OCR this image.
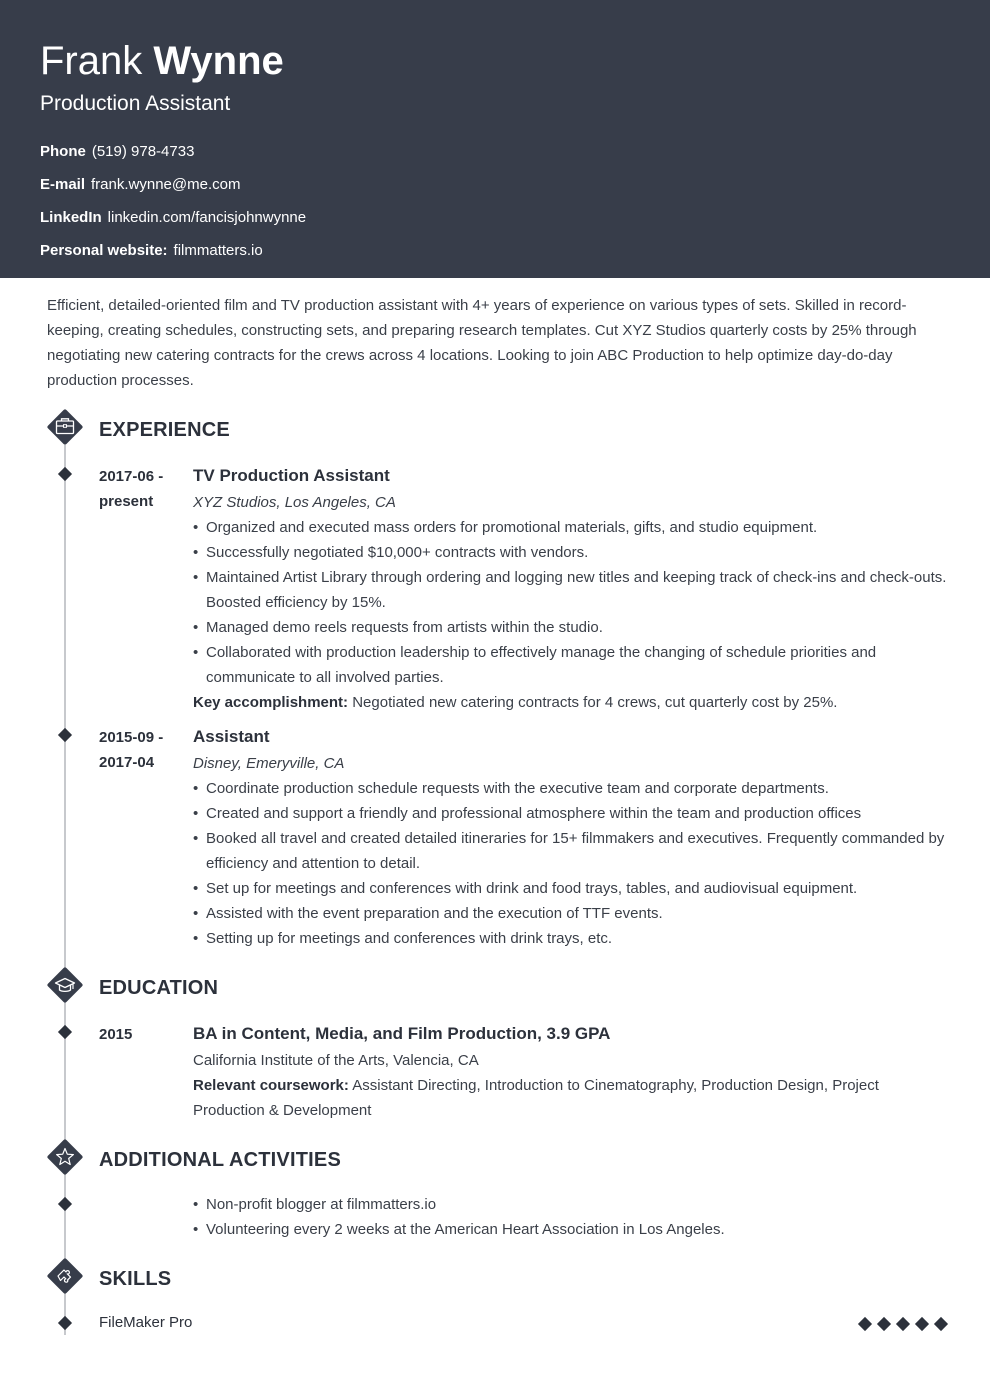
Frank Wynne
Production Assistant
Phone (519) 978-4733
E-mail frank.wynne@me.com
LinkedIn linkedin.com/fancisjohnwynne
Personal website: filmmatters.io

Efficient, detailed-oriented film and TV production assistant with 4+ years of experience on various types of sets. Skilled in record-keeping, creating schedules, constructing sets, and preparing research templates. Cut XYZ Studios quarterly costs by 25% through negotiating new catering contracts for the crews across 4 locations. Looking to join ABC Production to help optimize day-do-day production processes.

EXPERIENCE
2017-06 -
present
TV Production Assistant
XYZ Studios, Los Angeles, CA
• Organized and executed mass orders for promotional materials, gifts, and studio equipment.
• Successfully negotiated $10,000+ contracts with vendors.
• Maintained Artist Library through ordering and logging new titles and keeping track of check-ins and check-outs. Boosted efficiency by 15%.
• Managed demo reels requests from artists within the studio.
• Collaborated with production leadership to effectively manage the changing of schedule priorities and communicate to all involved parties.
Key accomplishment: Negotiated new catering contracts for 4 crews, cut quarterly cost by 25%.
2015-09 -
2017-04
Assistant
Disney, Emeryville, CA
• Coordinate production schedule requests with the executive team and corporate departments.
• Created and support a friendly and professional atmosphere within the team and production offices
• Booked all travel and created detailed itineraries for 15+ filmmakers and executives. Frequently commanded by efficiency and attention to detail.
• Set up for meetings and conferences with drink and food trays, tables, and audiovisual equipment.
• Assisted with the event preparation and the execution of TTF events.
• Setting up for meetings and conferences with drink trays, etc.
EDUCATION
2015	BA in Content, Media, and Film Production, 3.9 GPA
California Institute of the Arts, Valencia, CA
Relevant coursework: Assistant Directing, Introduction to Cinematography, Production Design, Project Production & Development
ADDITIONAL ACTIVITIES
• Non-profit blogger at filmmatters.io
• Volunteering every 2 weeks at the American Heart Association in Los Angeles.
SKILLS
FileMaker Pro
